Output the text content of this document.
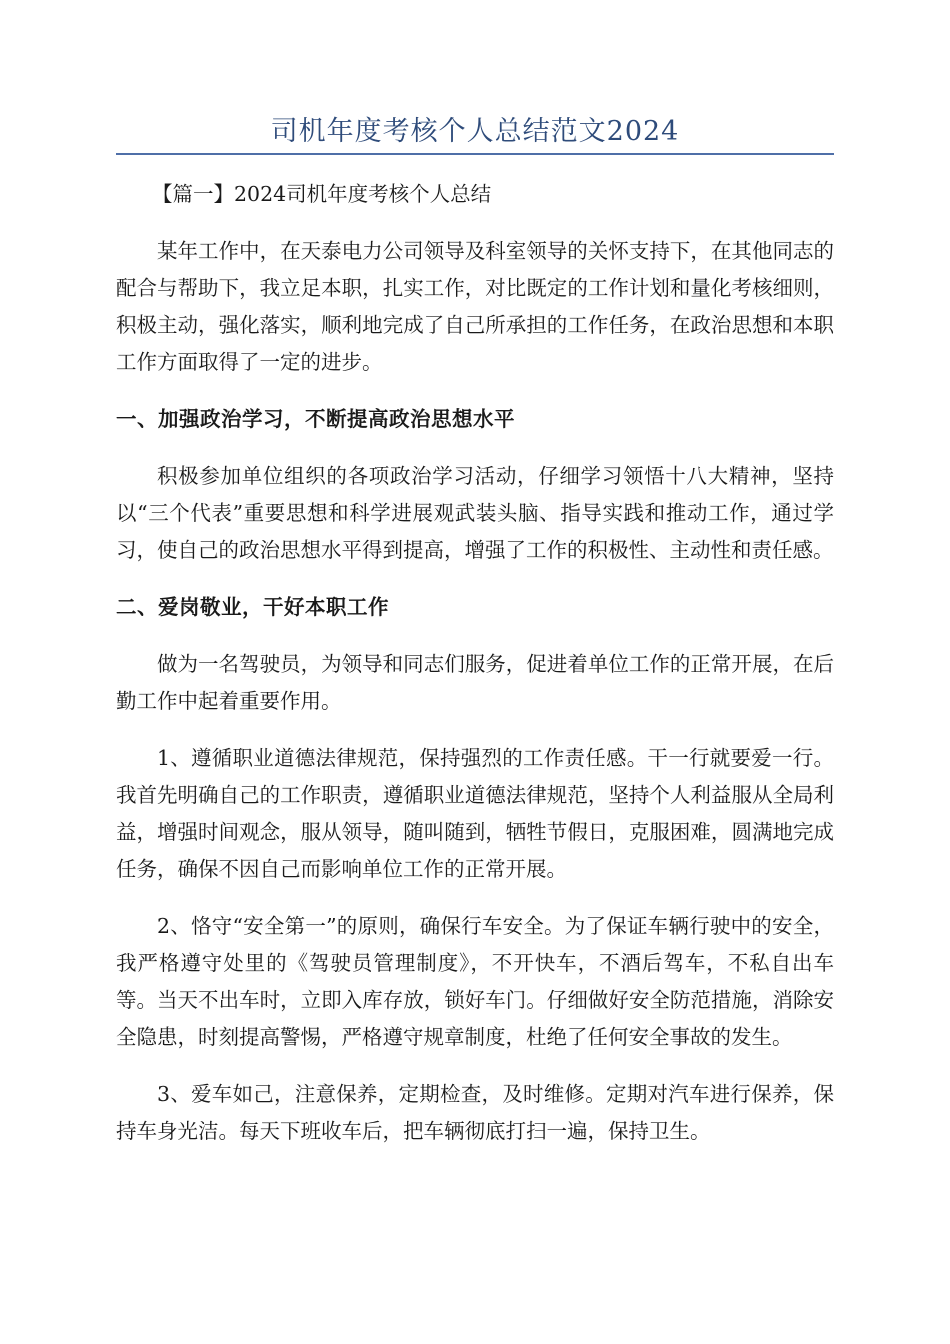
司机年度考核个人总结范文2024

【篇一】2024司机年度考核个人总结

某年工作中，在天泰电力公司领导及科室领导的关怀支持下，在其他同志的配合与帮助下，我立足本职，扎实工作，对比既定的工作计划和量化考核细则，积极主动，强化落实，顺利地完成了自己所承担的工作任务，在政治思想和本职工作方面取得了一定的进步。

一、加强政治学习，不断提高政治思想水平

积极参加单位组织的各项政治学习活动，仔细学习领悟十八大精神，坚持以“三个代表”重要思想和科学进展观武装头脑、指导实践和推动工作，通过学习，使自己的政治思想水平得到提高，增强了工作的积极性、主动性和责任感。

二、爱岗敬业，干好本职工作

做为一名驾驶员，为领导和同志们服务，促进着单位工作的正常开展，在后勤工作中起着重要作用。

1、遵循职业道德法律规范，保持强烈的工作责任感。干一行就要爱一行。我首先明确自己的工作职责，遵循职业道德法律规范，坚持个人利益服从全局利益，增强时间观念，服从领导，随叫随到，牺牲节假日，克服困难，圆满地完成任务，确保不因自己而影响单位工作的正常开展。

2、恪守“安全第一”的原则，确保行车安全。为了保证车辆行驶中的安全，我严格遵守处里的《驾驶员管理制度》，不开快车，不酒后驾车，不私自出车等。当天不出车时，立即入库存放，锁好车门。仔细做好安全防范措施，消除安全隐患，时刻提高警惕，严格遵守规章制度，杜绝了任何安全事故的发生。

3、爱车如己，注意保养，定期检查，及时维修。定期对汽车进行保养，保持车身光洁。每天下班收车后，把车辆彻底打扫一遍，保持卫生。
